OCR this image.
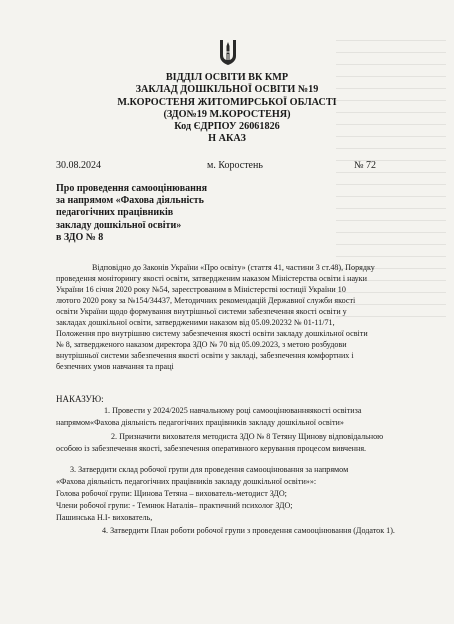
ВІДДІЛ ОСВІТИ ВК КМР
ЗАКЛАД ДОШКІЛЬНОЇ ОСВІТИ №19
М.КОРОСТЕНЯ ЖИТОМИРСЬКОЇ ОБЛАСТІ
(ЗДО№19 М.КОРОСТЕНЯ)
Код ЄДРПОУ 26061826
Н АКАЗ
30.08.2024	м. Коростень	№ 72
Про проведення самооцінювання
за напрямом «Фахова діяльність
педагогічних працівників
закладу дошкільної освіти»
в ЗДО № 8
Відповідно до Законів України «Про освіту» (стаття 41, частини 3 ст.48), Порядку
проведення моніторингу якості освіти, затвердженим наказом Міністерства освіти і науки
України 16 січня 2020 року №54, зареєстрованим в Міністерстві юстиції України 10
лютого 2020 року за №154/34437, Методичних рекомендацій Державної служби якості
освіти України щодо формування внутрішньої системи забезпечення якості освіти у
закладах дошкільної освіти, затвердженими наказом від 05.09.20232 № 01-11/71,
Положення про внутрішню систему забезпечення якості освіти закладу дошкільної освіти
№ 8, затвердженого наказом директора ЗДО № 70 від 05.09.2023, з метою розбудови
внутрішньої системи забезпечення якості освіти у закладі, забезпечення комфортних і
безпечних умов навчання та праці
НАКАЗУЮ:
1. Провести у 2024/2025 навчальному році самооцінюванняякості освітиза
напрямом«Фахова діяльність педагогічних працівників закладу дошкільної освіти»
2. Призначити вихователя методиста ЗДО № 8 Тетяну Щинову відповідальною
особою із забезпечення якості, забезпечення оперативного керування процесом вивчення.
3. Затвердити склад робочої групи для проведення самооцінювання за напрямом
«Фахова діяльність педагогічних працівників закладу дошкільної освіти»»:
Голова робочої групи: Щинова Тетяна – вихователь-методист ЗДО;
Члени робочої групи: - Темнюк Наталія– практичний психолог ЗДО;
Пашинська Н.І- вихователь,
4. Затвердити План роботи робочої групи з проведення самооцінювання (Додаток 1).
